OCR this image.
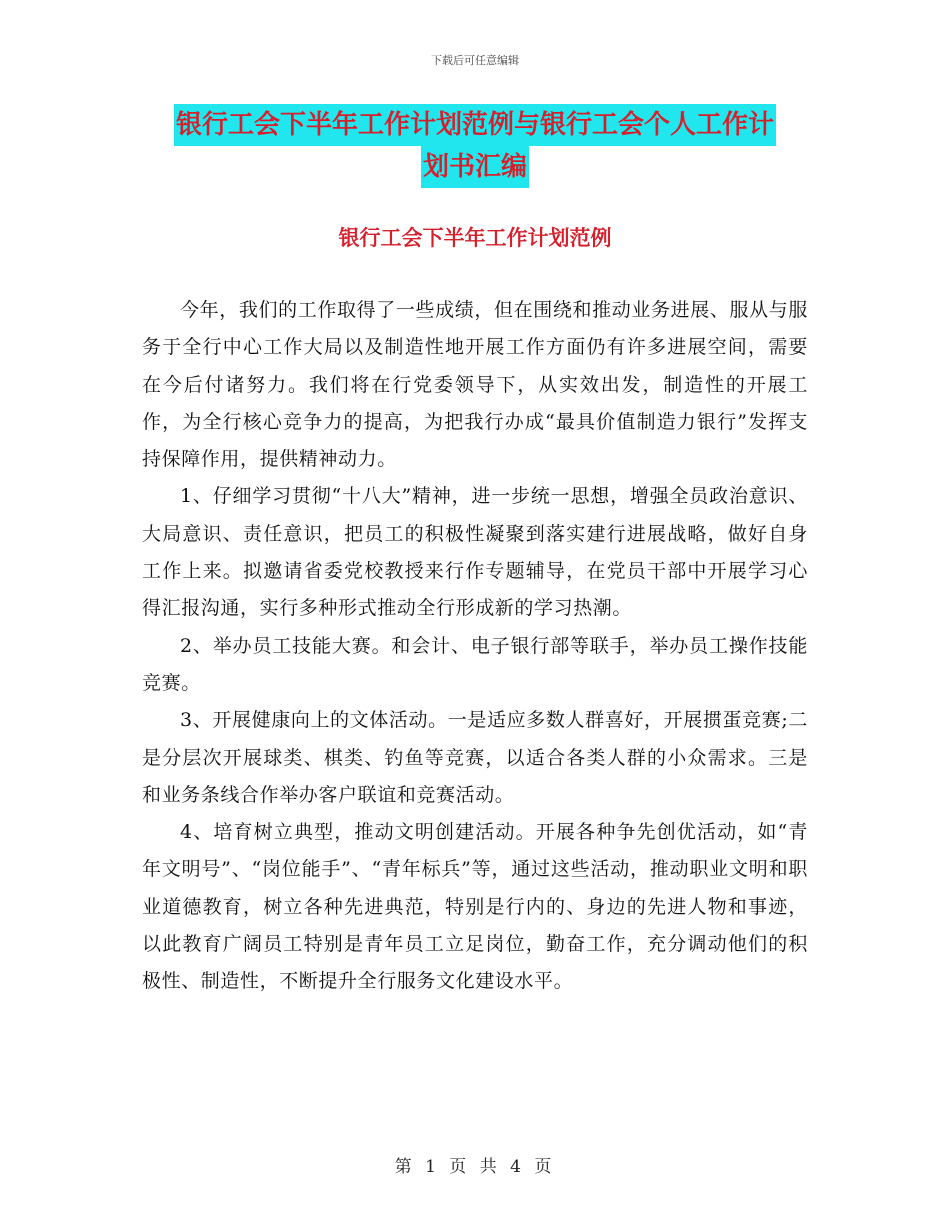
下载后可任意编辑
银行工会下半年工作计划范例与银行工会个人工作计
划书汇编
银行工会下半年工作计划范例

今年，我们的工作取得了一些成绩，但在围绕和推动业务进展、服从与服务于全行中心工作大局以及制造性地开展工作方面仍有许多进展空间，需要在今后付诸努力。我们将在行党委领导下，从实效出发，制造性的开展工作，为全行核心竞争力的提高，为把我行办成“最具价值制造力银行”发挥支持保障作用，提供精神动力。

1、仔细学习贯彻“十八大”精神，进一步统一思想，增强全员政治意识、大局意识、责任意识，把员工的积极性凝聚到落实建行进展战略，做好自身工作上来。拟邀请省委党校教授来行作专题辅导，在党员干部中开展学习心得汇报沟通，实行多种形式推动全行形成新的学习热潮。

2、举办员工技能大赛。和会计、电子银行部等联手，举办员工操作技能竞赛。

3、开展健康向上的文体活动。一是适应多数人群喜好，开展掼蛋竞赛;二是分层次开展球类、棋类、钓鱼等竞赛，以适合各类人群的小众需求。三是和业务条线合作举办客户联谊和竞赛活动。

4、培育树立典型，推动文明创建活动。开展各种争先创优活动，如“青年文明号”、“岗位能手”、“青年标兵”等，通过这些活动，推动职业文明和职业道德教育，树立各种先进典范，特别是行内的、身边的先进人物和事迹，以此教育广阔员工特别是青年员工立足岗位，勤奋工作，充分调动他们的积极性、制造性，不断提升全行服务文化建设水平。

第 1 页 共 4 页
